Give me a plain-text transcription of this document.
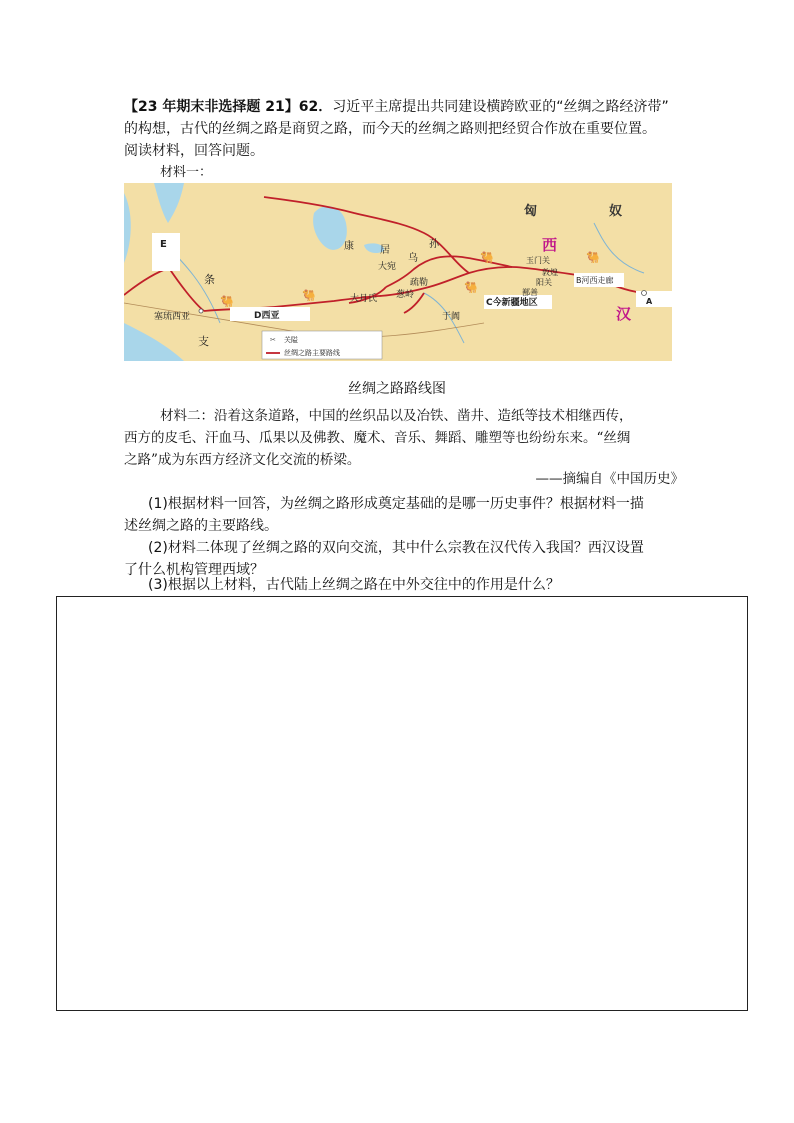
【23 年期末非选择题 21】62．习近平主席提出共同建设横跨欧亚的“丝绸之路经济带”
的构想，古代的丝绸之路是商贸之路，而今天的丝绸之路则把经贸合作放在重要位置。
阅读材料，回答问题。
材料一：
✂ 关隘
丝绸之路主要路线
匈	奴
西
汉
康	居
乌
孙
大宛
疏勒
玉门关
敦煌
B河西走廊
阳关
鄯善
大月氏 葱岭
C今新疆地区
于阗
条
支
塞琉西亚	D西亚
E
A
🐫	🐫
🐫
🐫	🐫
丝绸之路路线图
材料二：沿着这条道路，中国的丝织品以及冶铁、凿井、造纸等技术相继西传，
西方的皮毛、汗血马、瓜果以及佛教、魔术、音乐、舞蹈、雕塑等也纷纷东来。“丝绸
之路”成为东西方经济文化交流的桥梁。
——摘编自《中国历史》
(1)根据材料一回答，为丝绸之路形成奠定基础的是哪一历史事件？根据材料一描
述丝绸之路的主要路线。
(2)材料二体现了丝绸之路的双向交流，其中什么宗教在汉代传入我国？西汉设置
了什么机构管理西域？
(3)根据以上材料，古代陆上丝绸之路在中外交往中的作用是什么？
